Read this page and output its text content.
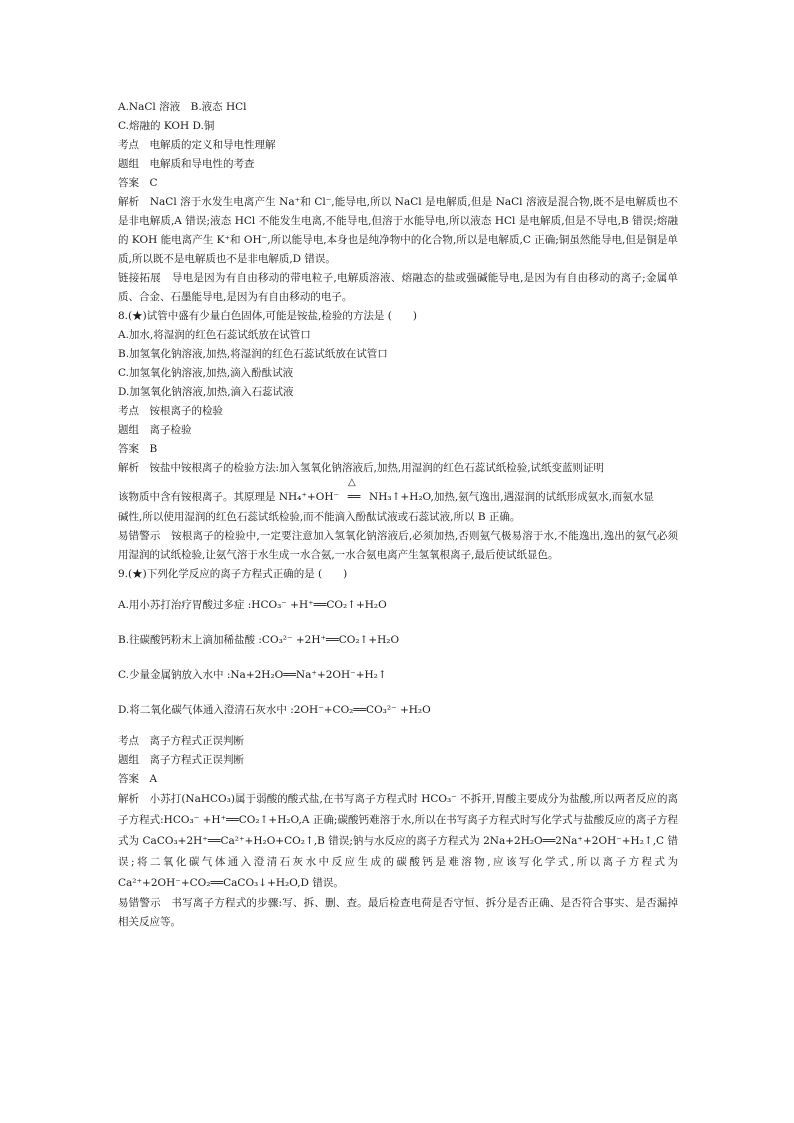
A.NaCl 溶液　B.液态 HCl
C.熔融的 KOH D.铜
考点　电解质的定义和导电性理解
题组　电解质和导电性的考查
答案　C
解析　NaCl 溶于水发生电离产生 Na⁺和 Cl⁻,能导电,所以 NaCl 是电解质,但是 NaCl 溶液是混合物,既不是电解质也不是非电解质,A 错误;液态 HCl 不能发生电离,不能导电,但溶于水能导电,所以液态 HCl 是电解质,但是不导电,B 错误;熔融的 KOH 能电离产生 K⁺和 OH⁻,所以能导电,本身也是纯净物中的化合物,所以是电解质,C 正确;铜虽然能导电,但是铜是单质,所以既不是电解质也不是非电解质,D 错误。
链接拓展　导电是因为有自由移动的带电粒子,电解质溶液、熔融态的盐或强碱能导电,是因为有自由移动的离子;金属单质、合金、石墨能导电,是因为有自由移动的电子。
8.(★)试管中盛有少量白色固体,可能是铵盐,检验的方法是 (　　)
A.加水,将湿润的红色石蕊试纸放在试管口
B.加氢氧化钠溶液,加热,将湿润的红色石蕊试纸放在试管口
C.加氢氧化钠溶液,加热,滴入酚酞试液
D.加氢氧化钠溶液,加热,滴入石蕊试液
考点　铵根离子的检验
题组　离子检验
答案　B
解析　铵盐中铵根离子的检验方法:加入氢氧化钠溶液后,加热,用湿润的红色石蕊试纸检验,试纸变蓝则证明
该物质中含有铵根离子。其原理是 NH₄⁺+OH⁻
△
══ NH₃↑+H₂O,加热,氨气逸出,遇湿润的试纸形成氨水,而氨水显
碱性,所以使用湿润的红色石蕊试纸检验,而不能滴入酚酞试液或石蕊试液,所以 B 正确。
易错警示　铵根离子的检验中,一定要注意加入氢氧化钠溶液后,必须加热,否则氨气极易溶于水,不能逸出,逸出的氨气必须用湿润的试纸检验,让氨气溶于水生成一水合氨,一水合氨电离产生氢氧根离子,最后使试纸显色。
9.(★)下列化学反应的离子方程式正确的是 (　　)
A.用小苏打治疗胃酸过多症 :HCO₃⁻ +H⁺══CO₂↑+H₂O
B.往碳酸钙粉末上滴加稀盐酸 :CO₃²⁻ +2H⁺══CO₂↑+H₂O
C.少量金属钠放入水中 :Na+2H₂O══Na⁺+2OH⁻+H₂↑
D.将二氧化碳气体通入澄清石灰水中 :2OH⁻+CO₂══CO₃²⁻ +H₂O
考点　离子方程式正误判断
题组　离子方程式正误判断
答案　A
解析　小苏打(NaHCO₃)属于弱酸的酸式盐,在书写离子方程式时 HCO₃⁻ 不拆开,胃酸主要成分为盐酸,所以两者反应的离子方程式:HCO₃⁻ +H⁺══CO₂↑+H₂O,A 正确;碳酸钙难溶于水,所以在书写离子方程式时写化学式与盐酸反应的离子方程式为 CaCO₃+2H⁺══Ca²⁺+H₂O+CO₂↑,B 错误;钠与水反应的离子方程式为 2Na+2H₂O══2Na⁺+2OH⁻+H₂↑,C 错误;将二氧化碳气体通入澄清石灰水中反应生成的碳酸钙是难溶物,应该写化学式,所以离子方程式为 Ca²⁺+2OH⁻+CO₂══CaCO₃↓+H₂O,D 错误。
易错警示　书写离子方程式的步骤:写、拆、删、查。最后检查电荷是否守恒、拆分是否正确、是否符合事实、是否漏掉相关反应等。
